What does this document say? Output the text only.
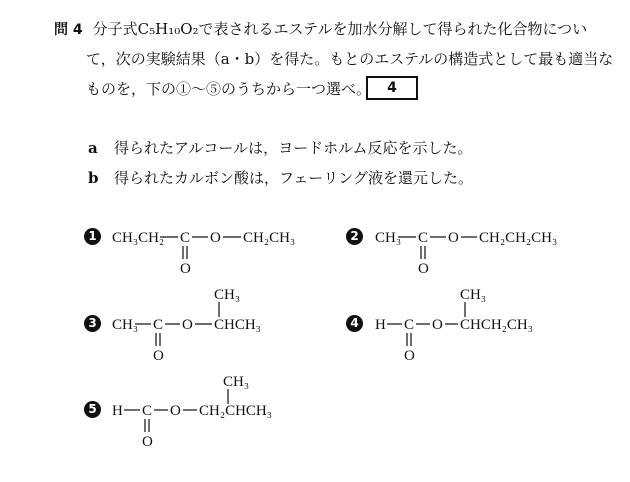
問 4 分子式C₅H₁₀O₂で表されるエステルを加水分解して得られた化合物につい
て，次の実験結果（a・b）を得た。もとのエステルの構造式として最も適当な
ものを，下の①～⑤のうちから一つ選べ。	4
a 得られたアルコールは，ヨードホルム反応を示した。
b 得られたカルボン酸は，フェーリング液を還元した。
1	2
3	4
5
CH₃CH₂ C O CH₂CH₃
O
CH₃ C O CH₂CH₂CH₃
O
CH₃
CH₃ C O CHCH₃
O
CH₃
H C O CHCH₂CH₃
O
CH₃
H C O CH₂CHCH₃
O
